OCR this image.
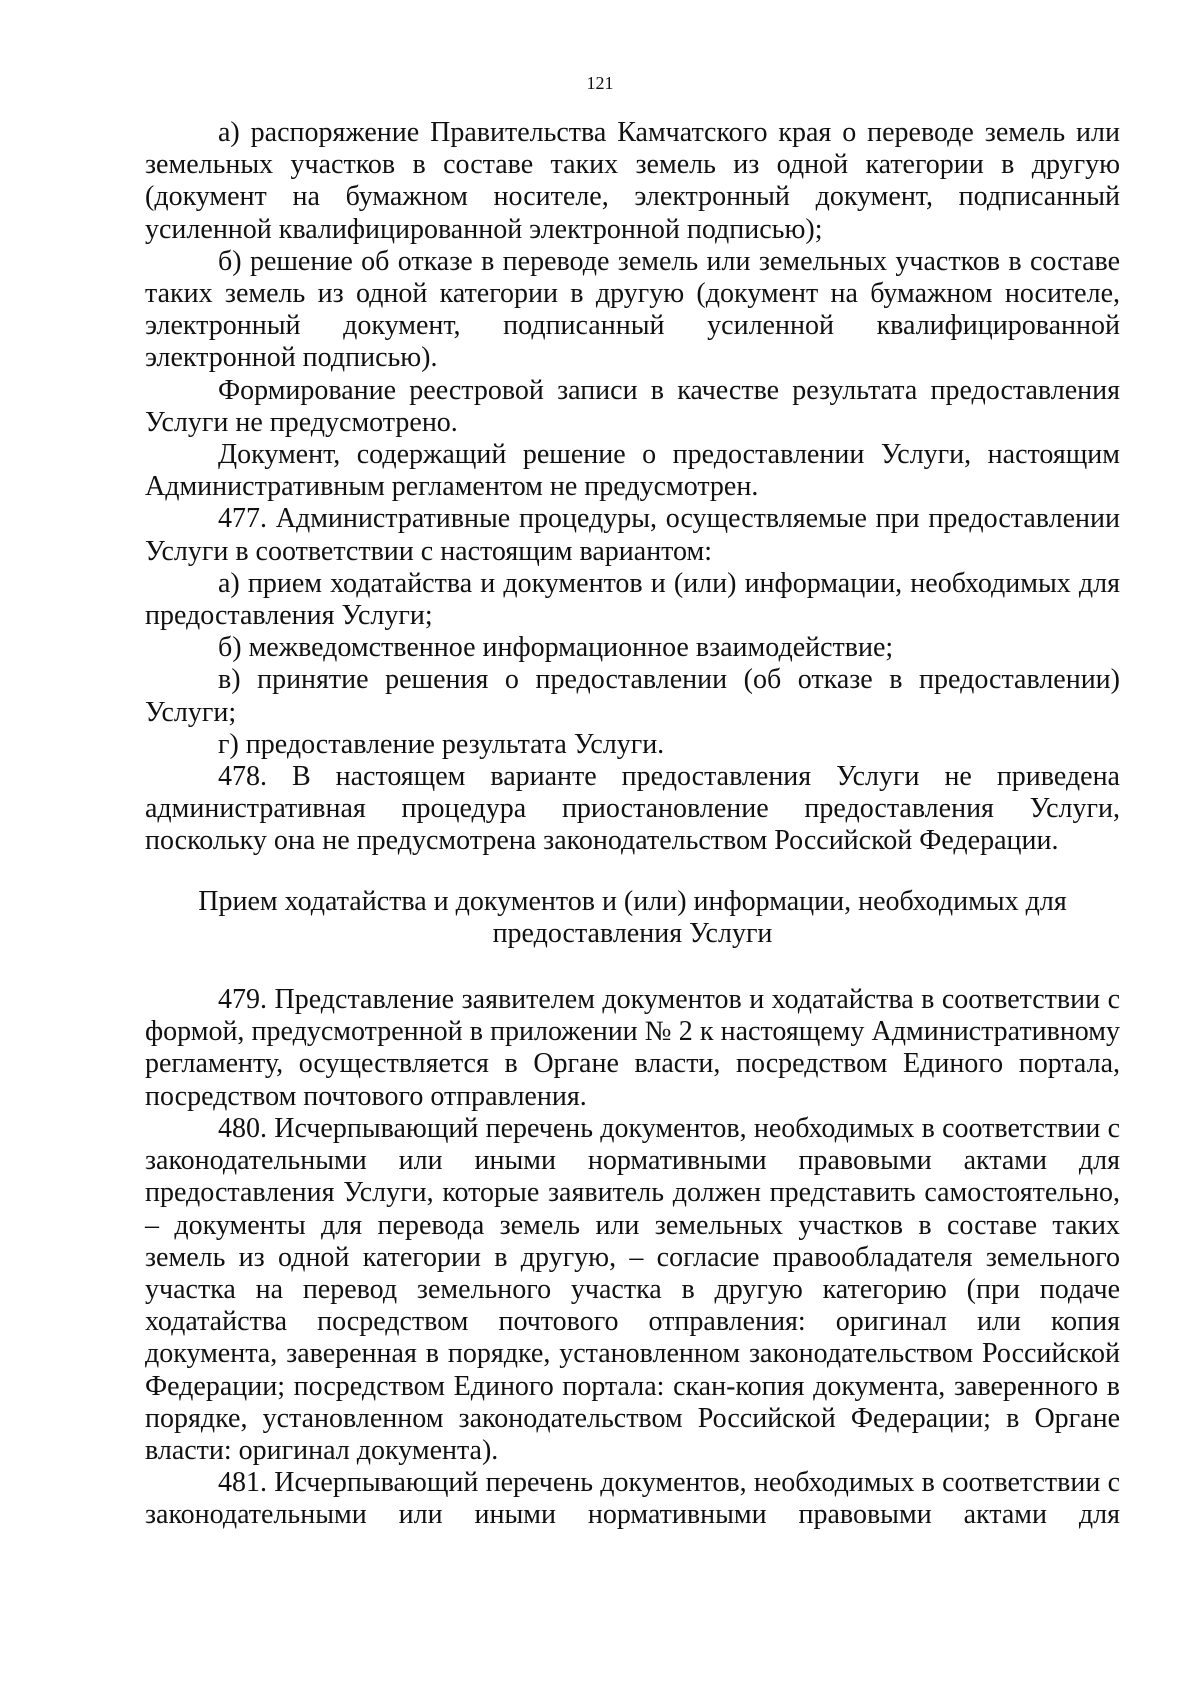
121

а) распоряжение Правительства Камчатского края о переводе земель или земельных участков в составе таких земель из одной категории в другую (документ на бумажном носителе, электронный документ, подписанный усиленной квалифицированной электронной подписью);

б) решение об отказе в переводе земель или земельных участков в составе таких земель из одной категории в другую (документ на бумажном носителе, электронный документ, подписанный усиленной квалифицированной электронной подписью).

Формирование реестровой записи в качестве результата предоставления Услуги не предусмотрено.

Документ, содержащий решение о предоставлении Услуги, настоящим Административным регламентом не предусмотрен.

477. Административные процедуры, осуществляемые при предоставлении Услуги в соответствии с настоящим вариантом:

а) прием ходатайства и документов и (или) информации, необходимых для предоставления Услуги;

б) межведомственное информационное взаимодействие;

в) принятие решения о предоставлении (об отказе в предоставлении) Услуги;

г) предоставление результата Услуги.

478. В настоящем варианте предоставления Услуги не приведена административная процедура приостановление предоставления Услуги, поскольку она не предусмотрена законодательством Российской Федерации.

Прием ходатайства и документов и (или) информации, необходимых для
предоставления Услуги

479. Представление заявителем документов и ходатайства в соответствии с формой, предусмотренной в приложении № 2 к настоящему Административному регламенту, осуществляется в Органе власти, посредством Единого портала, посредством почтового отправления.

480. Исчерпывающий перечень документов, необходимых в соответствии с законодательными или иными нормативными правовыми актами для предоставления Услуги, которые заявитель должен представить самостоятельно, – документы для перевода земель или земельных участков в составе таких земель из одной категории в другую, – согласие правообладателя земельного участка на перевод земельного участка в другую категорию (при подаче ходатайства посредством почтового отправления: оригинал или копия документа, заверенная в порядке, установленном законодательством Российской Федерации; посредством Единого портала: скан-копия документа, заверенного в порядке, установленном законодательством Российской Федерации; в Органе власти: оригинал документа).

481. Исчерпывающий перечень документов, необходимых в соответствии с законодательными или иными нормативными правовыми актами для
